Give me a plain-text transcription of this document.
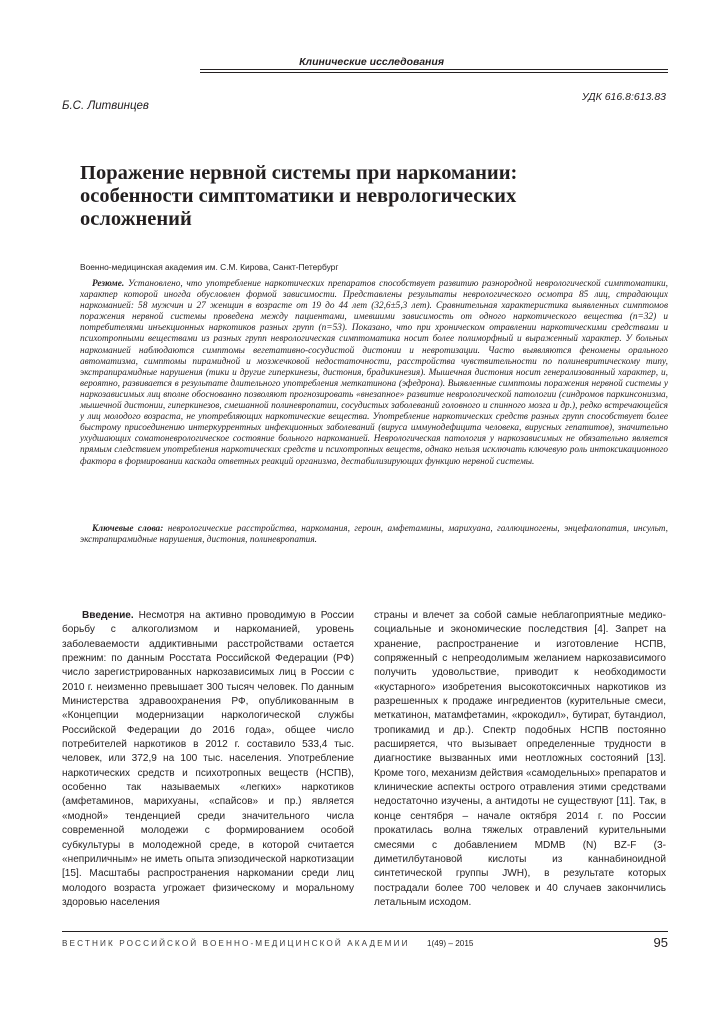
Клинические исследования
УДК 616.8:613.83
Б.С. Литвинцев
Поражение нервной системы при наркомании: особенности симптоматики и неврологических осложнений
Военно-медицинская академия им. С.М. Кирова, Санкт-Петербург

Резюме. Установлено, что употребление наркотических препаратов способствует развитию разнородной неврологической симптоматики, характер которой иногда обусловлен формой зависимости. Представлены результаты неврологического осмотра 85 лиц, страдающих наркоманией: 58 мужчин и 27 женщин в возрасте от 19 до 44 лет (32,6±5,3 лет). Сравнительная характеристика выявленных симптомов поражения нервной системы проведена между пациентами, имевшими зависимость от одного наркотического вещества (n=32) и потребителями инъекционных наркотиков разных групп (n=53). Показано, что при хроническом отравлении наркотическими средствами и психотропными веществами из разных групп неврологическая симптоматика носит более полиморфный и выраженный характер. У больных наркоманией наблюдаются симптомы вегетативно-сосудистой дистонии и невротизации. Часто выявляются феномены орального автоматизма, симптомы пирамидной и мозжечковой недостаточности, расстройства чувствительности по полиневритическому типу, экстрапирамидные нарушения (тики и другие гиперкинезы, дистония, брадикинезия). Мышечная дистония носит генерализованный характер, и, вероятно, развивается в результате длительного употребления меткатинона (эфедрона). Выявленные симптомы поражения нервной системы у наркозависимых лиц вполне обоснованно позволяют прогнозировать «внезапное» развитие неврологической патологии (синдромов паркинсонизма, мышечной дистонии, гиперкинезов, смешанной полиневропатии, сосудистых заболеваний головного и спинного мозга и др.), редко встречающейся у лиц молодого возраста, не употребляющих наркотические вещества. Употребление наркотических средств разных групп способствует более быстрому присоединению интеркуррентных инфекционных заболеваний (вируса иммунодефицита человека, вирусных гепатитов), значительно ухудшающих соматоневрологическое состояние больного наркоманией. Неврологическая патология у наркозависимых не обязательно является прямым следствием употребления наркотических средств и психотропных веществ, однако нельзя исключать ключевую роль интоксикационного фактора в формировании каскада ответных реакций организма, дестабилизирующих функцию нервной системы.

Ключевые слова: неврологические расстройства, наркомания, героин, амфетамины, марихуана, галлюциногены, энцефалопатия, инсульт, экстрапирамидные нарушения, дистония, полиневропатия.

Введение. Несмотря на активно проводимую в России борьбу с алкоголизмом и наркоманией, уровень заболеваемости аддиктивными расстройствами остается прежним: по данным Росстата Российской Федерации (РФ) число зарегистрированных наркозависимых лиц в России с 2010 г. неизменно превышает 300 тысяч человек. По данным Министерства здравоохранения РФ, опубликованным в «Концепции модернизации наркологической службы Российской Федерации до 2016 года», общее число потребителей наркотиков в 2012 г. составило 533,4 тыс. человек, или 372,9 на 100 тыс. населения. Употребление наркотических средств и психотропных веществ (НСПВ), особенно так называемых «легких» наркотиков (амфетаминов, марихуаны, «спайсов» и пр.) является «модной» тенденцией среди значительного числа современной молодежи с формированием особой субкультуры в молодежной среде, в которой считается «неприличным» не иметь опыта эпизодической наркотизации [15]. Масштабы распространения наркомании среди лиц молодого возраста угрожает физическому и моральному здоровью населения

страны и влечет за собой самые неблагоприятные медико-социальные и экономические последствия [4]. Запрет на хранение, распространение и изготовление НСПВ, сопряженный с непреодолимым желанием наркозависимого получить удовольствие, приводит к необходимости «кустарного» изобретения высокотоксичных наркотиков из разрешенных к продаже ингредиентов (курительные смеси, меткатинон, матамфетамин, «крокодил», бутират, бутандиол, тропикамид и др.). Спектр подобных НСПВ постоянно расширяется, что вызывает определенные трудности в диагностике вызванных ими неотложных состояний [13]. Кроме того, механизм действия «самодельных» препаратов и клинические аспекты острого отравления этими средствами недостаточно изучены, а антидоты не существуют [11]. Так, в конце сентября – начале октября 2014 г. по России прокатилась волна тяжелых отравлений курительными смесями с добавлением MDMB (N) BZ-F (3-диметилбутановой кислоты из каннабиноидной синтетической группы JWH), в результате которых пострадали более 700 человек и 40 случаев закончились летальным исходом.

ВЕСТНИК РОССИЙСКОЙ ВОЕННО-МЕДИЦИНСКОЙ АКАДЕМИИ 1(49) – 2015	95
